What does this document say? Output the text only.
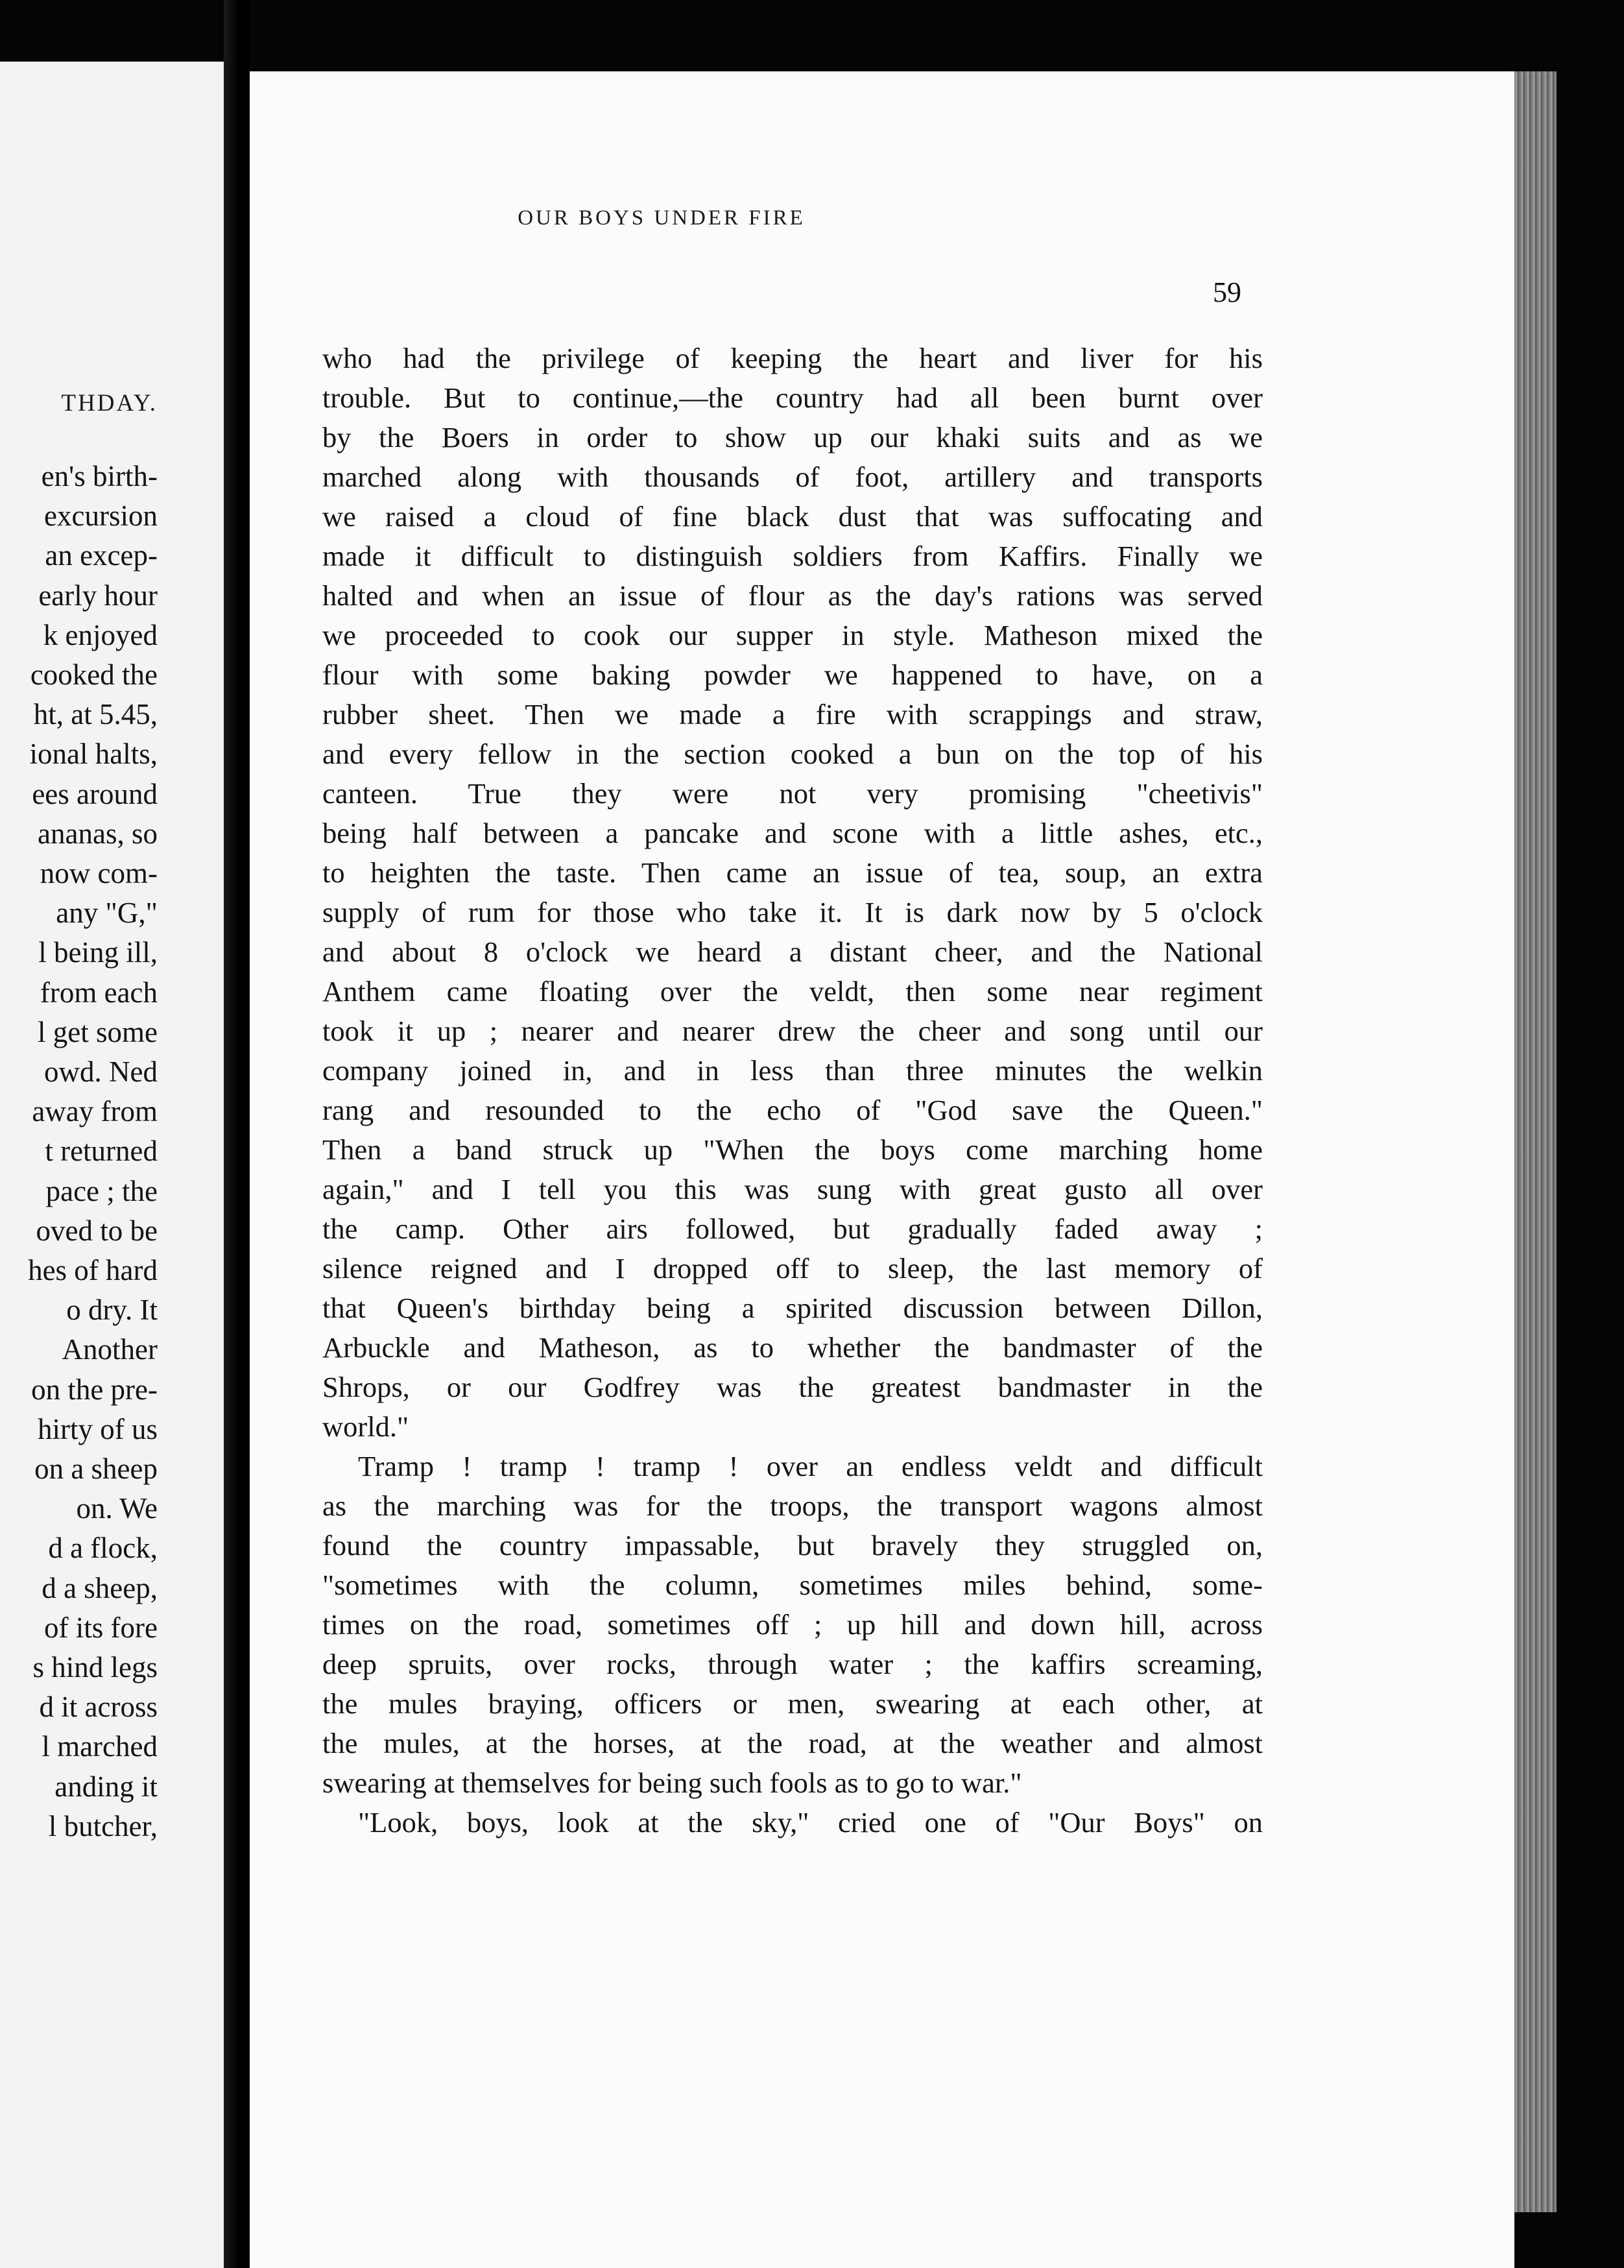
THDAY.
en's birth-
excursion
an excep-
early hour
k enjoyed
cooked the
ht, at 5.45,
ional halts,
ees around
ananas, so
now com-
any "G,"
l being ill,
from each
l get some
owd. Ned
away from
t returned
pace ; the
oved to be
hes of hard
o dry. It
Another
on the pre-
hirty of us
on a sheep
on. We
d a flock,
d a sheep,
of its fore
s hind legs
d it across
l marched
anding it
l butcher,
OUR BOYS UNDER FIRE
59
who had the privilege of keeping the heart and liver for his
trouble. But to continue,—the country had all been burnt over
by the Boers in order to show up our khaki suits and as we
marched along with thousands of foot, artillery and transports
we raised a cloud of fine black dust that was suffocating and
made it difficult to distinguish soldiers from Kaffirs. Finally we
halted and when an issue of flour as the day's rations was served
we proceeded to cook our supper in style. Matheson mixed the
flour with some baking powder we happened to have, on a
rubber sheet. Then we made a fire with scrappings and straw,
and every fellow in the section cooked a bun on the top of his
canteen. True they were not very promising "cheetivis"
being half between a pancake and scone with a little ashes, etc.,
to heighten the taste. Then came an issue of tea, soup, an extra
supply of rum for those who take it. It is dark now by 5 o'clock
and about 8 o'clock we heard a distant cheer, and the National
Anthem came floating over the veldt, then some near regiment
took it up ; nearer and nearer drew the cheer and song until our
company joined in, and in less than three minutes the welkin
rang and resounded to the echo of "God save the Queen."
Then a band struck up "When the boys come marching home
again," and I tell you this was sung with great gusto all over
the camp. Other airs followed, but gradually faded away ;
silence reigned and I dropped off to sleep, the last memory of
that Queen's birthday being a spirited discussion between Dillon,
Arbuckle and Matheson, as to whether the bandmaster of the
Shrops, or our Godfrey was the greatest bandmaster in the
world."
Tramp ! tramp ! tramp ! over an endless veldt and difficult
as the marching was for the troops, the transport wagons almost
found the country impassable, but bravely they struggled on,
"sometimes with the column, sometimes miles behind, some-
times on the road, sometimes off ; up hill and down hill, across
deep spruits, over rocks, through water ; the kaffirs screaming,
the mules braying, officers or men, swearing at each other, at
the mules, at the horses, at the road, at the weather and almost
swearing at themselves for being such fools as to go to war."
"Look, boys, look at the sky," cried one of "Our Boys" on
